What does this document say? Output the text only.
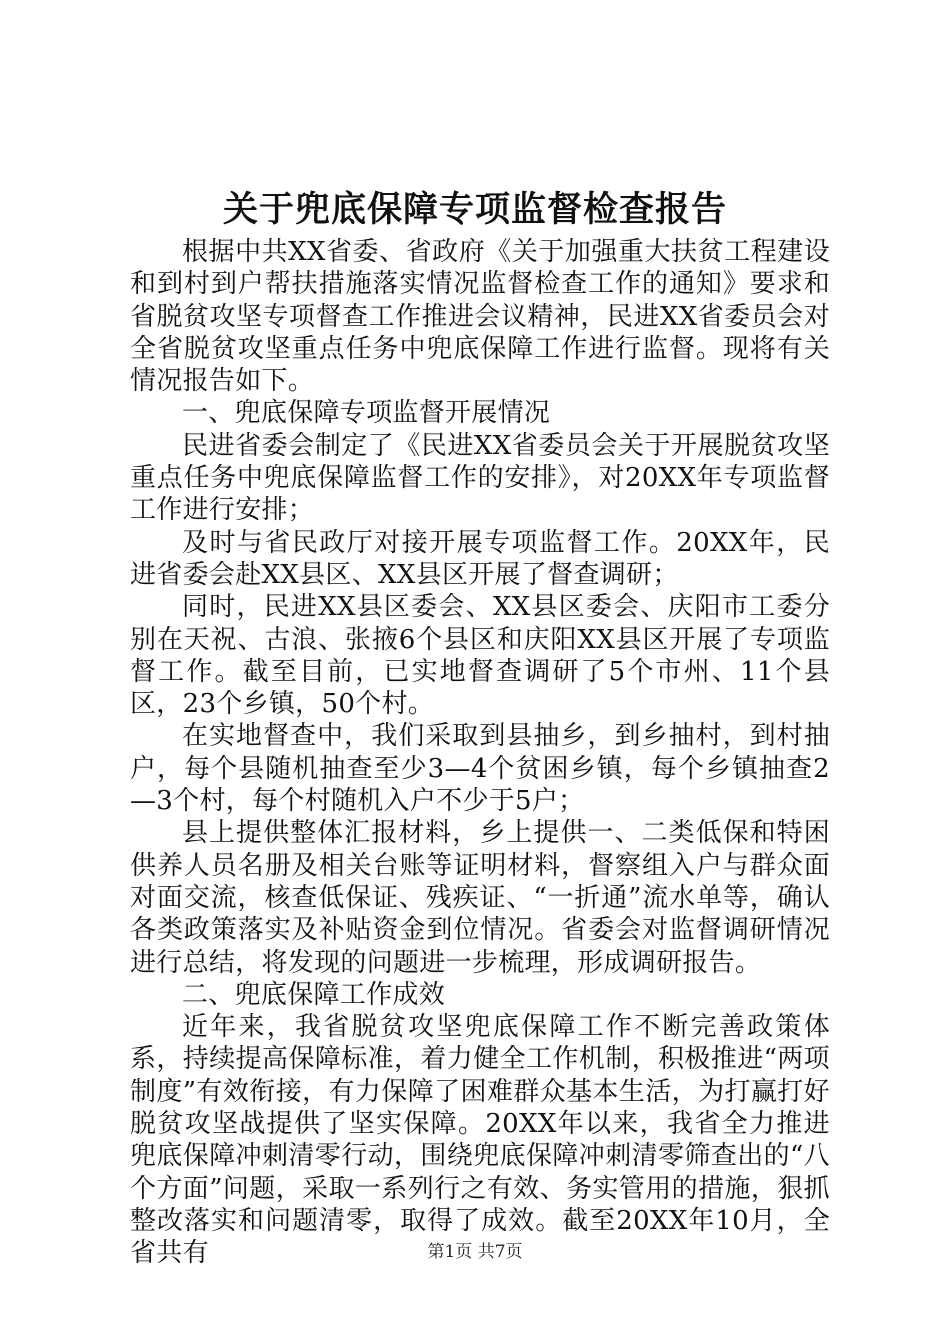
关于兜底保障专项监督检查报告

根据中共XX省委、省政府《关于加强重大扶贫工程建设和到村到户帮扶措施落实情况监督检查工作的通知》要求和省脱贫攻坚专项督查工作推进会议精神，民进XX省委员会对全省脱贫攻坚重点任务中兜底保障工作进行监督。现将有关情况报告如下。

一、兜底保障专项监督开展情况

民进省委会制定了《民进XX省委员会关于开展脱贫攻坚重点任务中兜底保障监督工作的安排》，对20XX年专项监督工作进行安排；

及时与省民政厅对接开展专项监督工作。20XX年，民进省委会赴XX县区、XX县区开展了督查调研；

同时，民进XX县区委会、XX县区委会、庆阳市工委分别在天祝、古浪、张掖6个县区和庆阳XX县区开展了专项监督工作。截至目前，已实地督查调研了5个市州、11个县区，23个乡镇，50个村。

在实地督查中，我们采取到县抽乡，到乡抽村，到村抽户，每个县随机抽查至少3—4个贫困乡镇，每个乡镇抽查2—3个村，每个村随机入户不少于5户；

县上提供整体汇报材料，乡上提供一、二类低保和特困供养人员名册及相关台账等证明材料，督察组入户与群众面对面交流，核查低保证、残疾证、“一折通”流水单等，确认各类政策落实及补贴资金到位情况。省委会对监督调研情况进行总结，将发现的问题进一步梳理，形成调研报告。

二、兜底保障工作成效

近年来，我省脱贫攻坚兜底保障工作不断完善政策体系，持续提高保障标准，着力健全工作机制，积极推进“两项制度”有效衔接，有力保障了困难群众基本生活，为打赢打好脱贫攻坚战提供了坚实保障。20XX年以来，我省全力推进兜底保障冲刺清零行动，围绕兜底保障冲刺清零筛查出的“八个方面”问题，采取一系列行之有效、务实管用的措施，狠抓整改落实和问题清零，取得了成效。截至20XX年10月，全省共有	第1页 共7页
